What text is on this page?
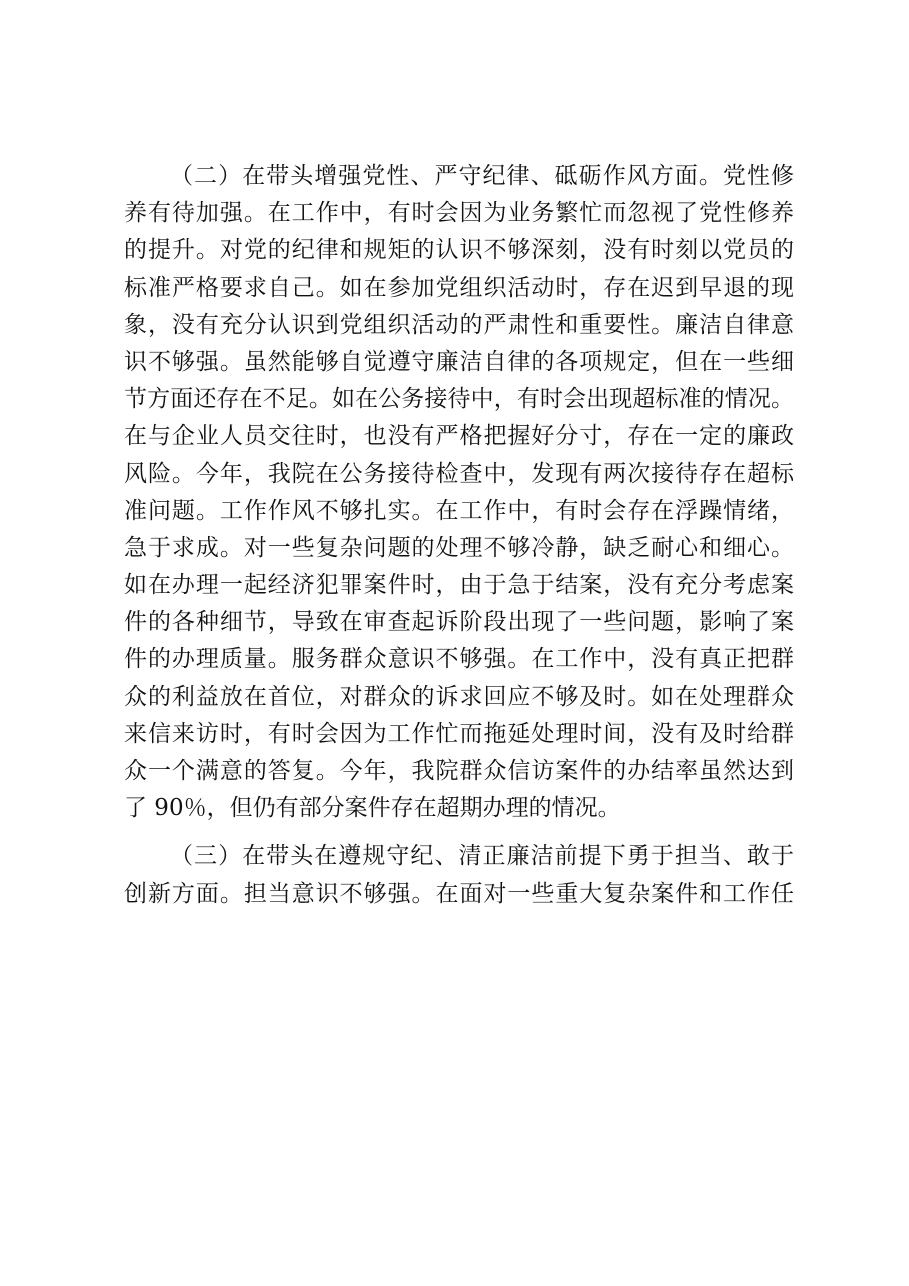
（二）在带头增强党性、严守纪律、砥砺作风方面。党性修
养有待加强。在工作中，有时会因为业务繁忙而忽视了党性修养
的提升。对党的纪律和规矩的认识不够深刻，没有时刻以党员的
标准严格要求自己。如在参加党组织活动时，存在迟到早退的现
象，没有充分认识到党组织活动的严肃性和重要性。廉洁自律意
识不够强。虽然能够自觉遵守廉洁自律的各项规定，但在一些细
节方面还存在不足。如在公务接待中，有时会出现超标准的情况。
在与企业人员交往时，也没有严格把握好分寸，存在一定的廉政
风险。今年，我院在公务接待检查中，发现有两次接待存在超标
准问题。工作作风不够扎实。在工作中，有时会存在浮躁情绪，
急于求成。对一些复杂问题的处理不够冷静，缺乏耐心和细心。
如在办理一起经济犯罪案件时，由于急于结案，没有充分考虑案
件的各种细节，导致在审查起诉阶段出现了一些问题，影响了案
件的办理质量。服务群众意识不够强。在工作中，没有真正把群
众的利益放在首位，对群众的诉求回应不够及时。如在处理群众
来信来访时，有时会因为工作忙而拖延处理时间，没有及时给群
众一个满意的答复。今年，我院群众信访案件的办结率虽然达到
了 90％，但仍有部分案件存在超期办理的情况。
（三）在带头在遵规守纪、清正廉洁前提下勇于担当、敢于
创新方面。担当意识不够强。在面对一些重大复杂案件和工作任
